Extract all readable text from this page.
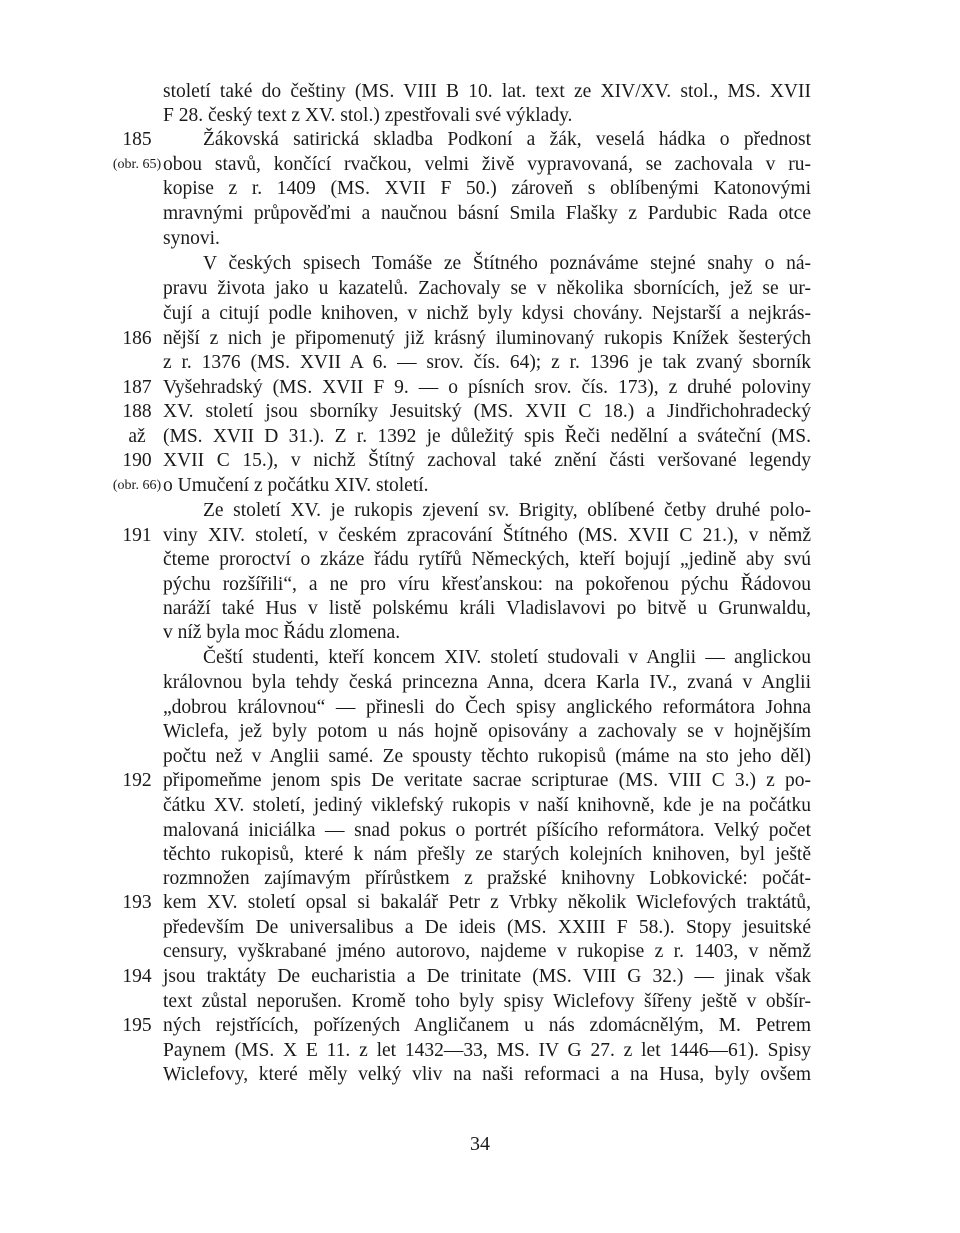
století také do češtiny (MS. VIII B 10. lat. text ze XIV/XV. stol., MS. XVII
F 28. český text z XV. stol.) zpestřovali své výklady.
Žákovská satirická skladba Podkoní a žák, veselá hádka o přednost
obou stavů, končící rvačkou, velmi živě vypravovaná, se zachovala v ru-
kopise z r. 1409 (MS. XVII F 50.) zároveň s oblíbenými Katonovými
mravnými průpověďmi a naučnou básní Smila Flašky z Pardubic Rada otce
synovi.
V českých spisech Tomáše ze Štítného poznáváme stejné snahy o ná-
pravu života jako u kazatelů. Zachovaly se v několika sbornících, jež se ur-
čují a citují podle knihoven, v nichž byly kdysi chovány. Nejstarší a nejkrás-
nější z nich je připomenutý již krásný iluminovaný rukopis Knížek šesterých
z r. 1376 (MS. XVII A 6. — srov. čís. 64); z r. 1396 je tak zvaný sborník
Vyšehradský (MS. XVII F 9. — o písních srov. čís. 173), z druhé poloviny
XV. století jsou sborníky Jesuitský (MS. XVII C 18.) a Jindřichohradecký
(MS. XVII D 31.). Z r. 1392 je důležitý spis Řeči nedělní a sváteční (MS.
XVII C 15.), v nichž Štítný zachoval také znění části veršované legendy
o Umučení z počátku XIV. století.
Ze století XV. je rukopis zjevení sv. Brigity, oblíbené četby druhé polo-
viny XIV. století, v českém zpracování Štítného (MS. XVII C 21.), v němž
čteme proroctví o zkáze řádu rytířů Německých, kteří bojují „jedině aby svú
pýchu rozšířili“, a ne pro víru křesťanskou: na pokořenou pýchu Řádovou
naráží také Hus v listě polskému králi Vladislavovi po bitvě u Grunwaldu,
v níž byla moc Řádu zlomena.
Čeští studenti, kteří koncem XIV. století studovali v Anglii — anglickou
královnou byla tehdy česká princezna Anna, dcera Karla IV., zvaná v Anglii
„dobrou královnou“ — přinesli do Čech spisy anglického reformátora Johna
Wiclefa, jež byly potom u nás hojně opisovány a zachovaly se v hojnějším
počtu než v Anglii samé. Ze spousty těchto rukopisů (máme na sto jeho děl)
připomeňme jenom spis De veritate sacrae scripturae (MS. VIII C 3.) z po-
čátku XV. století, jediný viklefský rukopis v naší knihovně, kde je na počátku
malovaná iniciálka — snad pokus o portrét píšícího reformátora. Velký počet
těchto rukopisů, které k nám přešly ze starých kolejních knihoven, byl ještě
rozmnožen zajímavým přírůstkem z pražské knihovny Lobkovické: počát-
kem XV. století opsal si bakalář Petr z Vrbky několik Wiclefových traktátů,
především De universalibus a De ideis (MS. XXIII F 58.). Stopy jesuitské
censury, vyškrabané jméno autorovo, najdeme v rukopise z r. 1403, v němž
jsou traktáty De eucharistia a De trinitate (MS. VIII G 32.) — jinak však
text zůstal neporušen. Kromě toho byly spisy Wiclefovy šířeny ještě v obšír-
ných rejstřících, pořízených Angličanem u nás zdomácnělým, M. Petrem
Paynem (MS. X E 11. z let 1432—33, MS. IV G 27. z let 1446—61). Spisy
Wiclefovy, které měly velký vliv na naši reformaci a na Husa, byly ovšem
185
(obr. 65)
186
187
188
až
190
(obr. 66)
191
192
193
194
195
34
